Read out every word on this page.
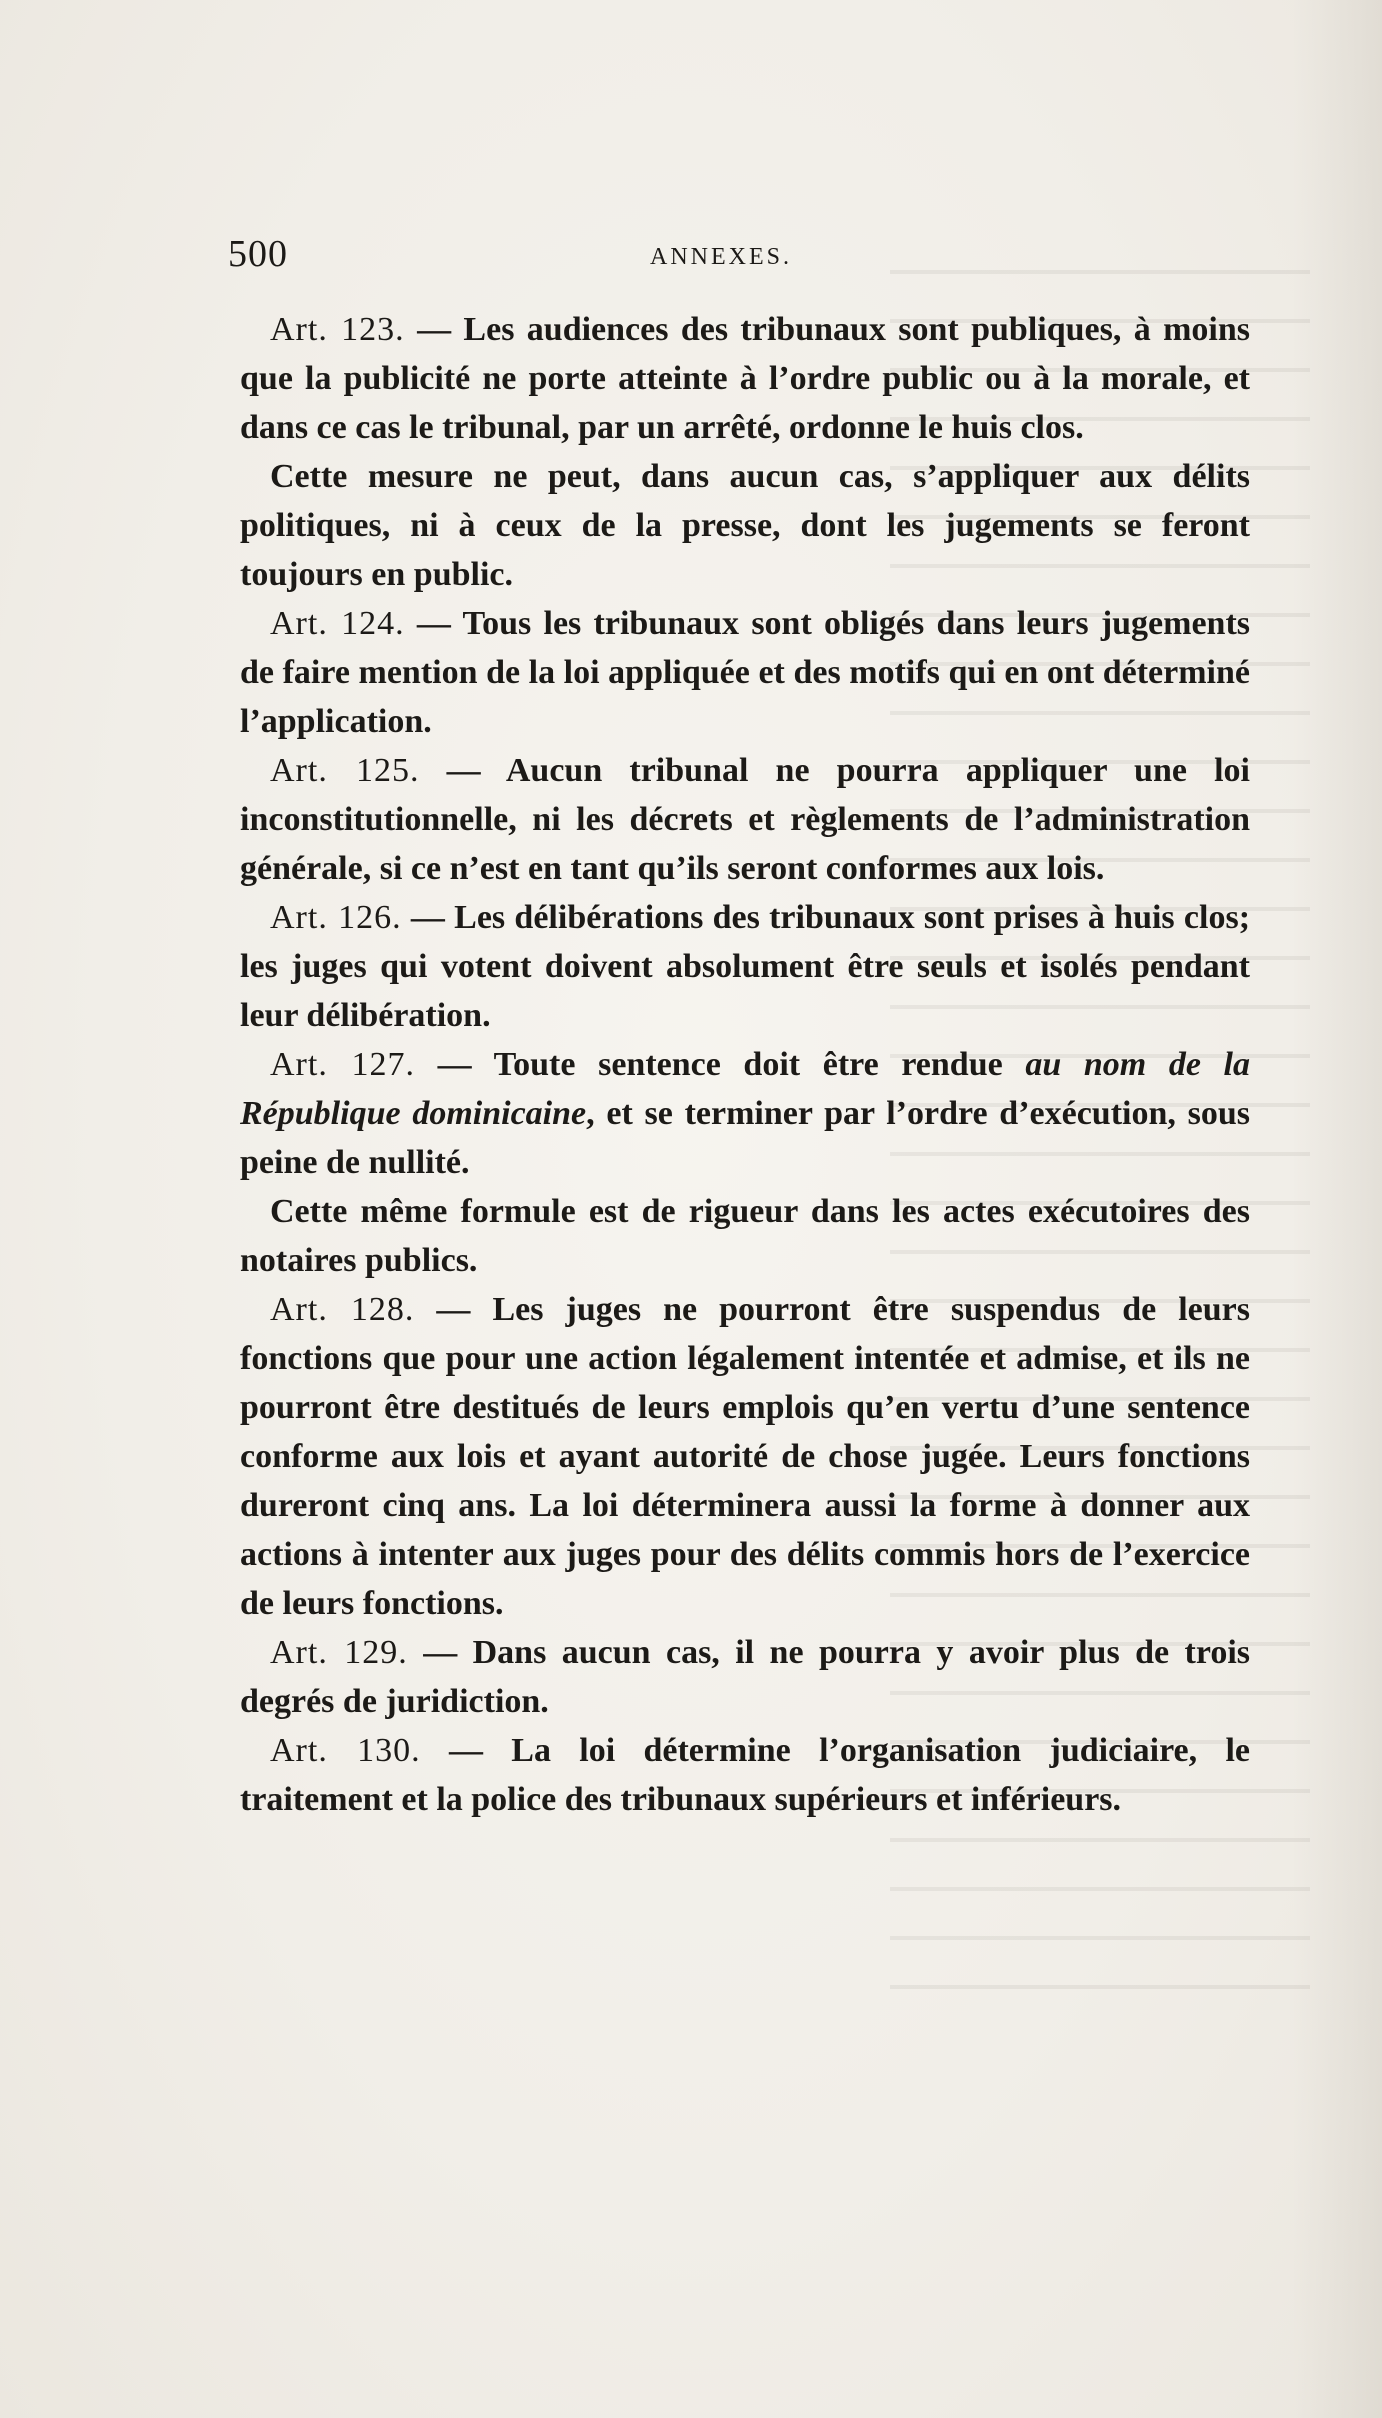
500	ANNEXES.

Art. 123. — Les audiences des tribunaux sont publiques, à moins que la publicité ne porte atteinte à l’ordre public ou à la morale, et dans ce cas le tribunal, par un arrêté, ordonne le huis clos.

Cette mesure ne peut, dans aucun cas, s’appliquer aux délits politiques, ni à ceux de la presse, dont les jugements se feront toujours en public.

Art. 124. — Tous les tribunaux sont obligés dans leurs jugements de faire mention de la loi appliquée et des motifs qui en ont déterminé l’application.

Art. 125. — Aucun tribunal ne pourra appliquer une loi inconstitutionnelle, ni les décrets et règlements de l’administration générale, si ce n’est en tant qu’ils seront conformes aux lois.

Art. 126. — Les délibérations des tribunaux sont prises à huis clos; les juges qui votent doivent absolument être seuls et isolés pendant leur délibération.

Art. 127. — Toute sentence doit être rendue au nom de la République dominicaine, et se terminer par l’ordre d’exécution, sous peine de nullité.

Cette même formule est de rigueur dans les actes exécutoires des notaires publics.

Art. 128. — Les juges ne pourront être suspendus de leurs fonctions que pour une action légalement intentée et admise, et ils ne pourront être destitués de leurs emplois qu’en vertu d’une sentence conforme aux lois et ayant autorité de chose jugée. Leurs fonctions dureront cinq ans. La loi déterminera aussi la forme à donner aux actions à intenter aux juges pour des délits commis hors de l’exercice de leurs fonctions.

Art. 129. — Dans aucun cas, il ne pourra y avoir plus de trois degrés de juridiction.

Art. 130. — La loi détermine l’organisation judiciaire, le traitement et la police des tribunaux supérieurs et inférieurs.
